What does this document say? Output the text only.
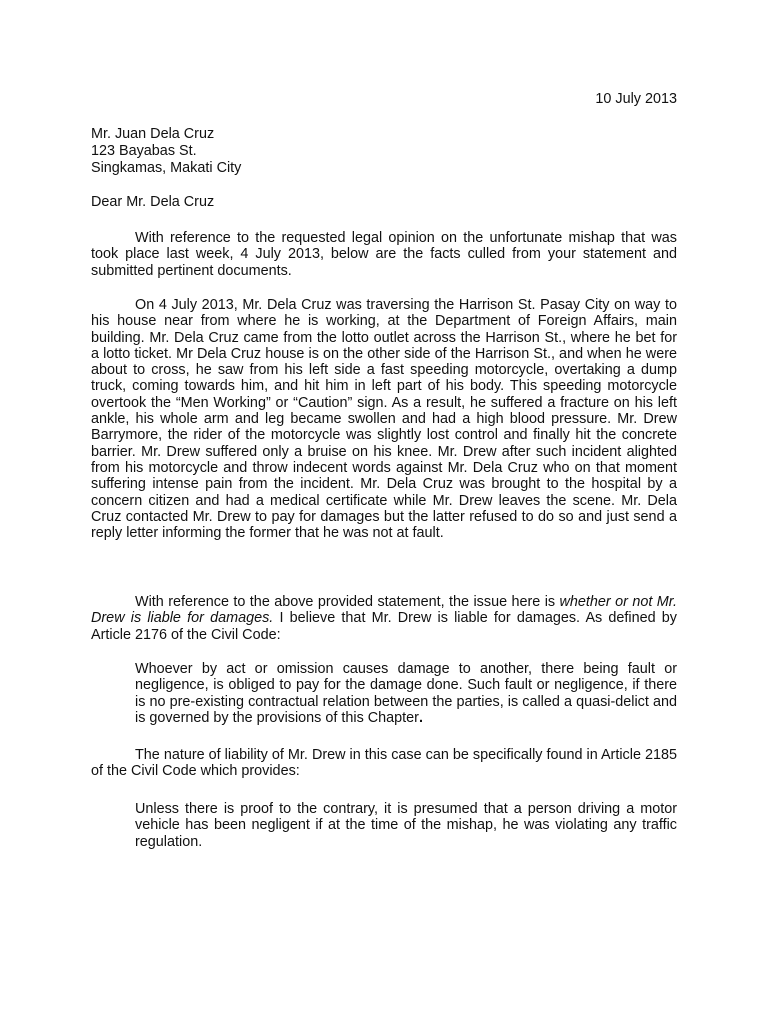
10 July 2013
Mr. Juan Dela Cruz
123 Bayabas St.
Singkamas, Makati City
Dear Mr. Dela Cruz

With reference to the requested legal opinion on the unfortunate mishap that was took place last week, 4 July 2013, below are the facts culled from your statement and submitted pertinent documents.

On 4 July 2013, Mr. Dela Cruz was traversing the Harrison St. Pasay City on way to his house near from where he is working, at the Department of Foreign Affairs, main building. Mr. Dela Cruz came from the lotto outlet across the Harrison St., where he bet for a lotto ticket. Mr Dela Cruz house is on the other side of the Harrison St., and when he were about to cross, he saw from his left side a fast speeding motorcycle, overtaking a dump truck, coming towards him, and hit him in left part of his body. This speeding motorcycle overtook the “Men Working” or “Caution” sign. As a result, he suffered a fracture on his left ankle, his whole arm and leg became swollen and had a high blood pressure. Mr. Drew Barrymore, the rider of the motorcycle was slightly lost control and finally hit the concrete barrier. Mr. Drew suffered only a bruise on his knee. Mr. Drew after such incident alighted from his motorcycle and throw indecent words against Mr. Dela Cruz who on that moment suffering intense pain from the incident. Mr. Dela Cruz was brought to the hospital by a concern citizen and had a medical certificate while Mr. Drew leaves the scene. Mr. Dela Cruz contacted Mr. Drew to pay for damages but the latter refused to do so and just send a reply letter informing the former that he was not at fault.

With reference to the above provided statement, the issue here is whether or not Mr. Drew is liable for damages. I believe that Mr. Drew is liable for damages. As defined by Article 2176 of the Civil Code:

Whoever by act or omission causes damage to another, there being fault or negligence, is obliged to pay for the damage done. Such fault or negligence, if there is no pre-existing contractual relation between the parties, is called a quasi-delict and is governed by the provisions of this Chapter.

The nature of liability of Mr. Drew in this case can be specifically found in Article 2185 of the Civil Code which provides:

Unless there is proof to the contrary, it is presumed that a person driving a motor vehicle has been negligent if at the time of the mishap, he was violating any traffic regulation.
